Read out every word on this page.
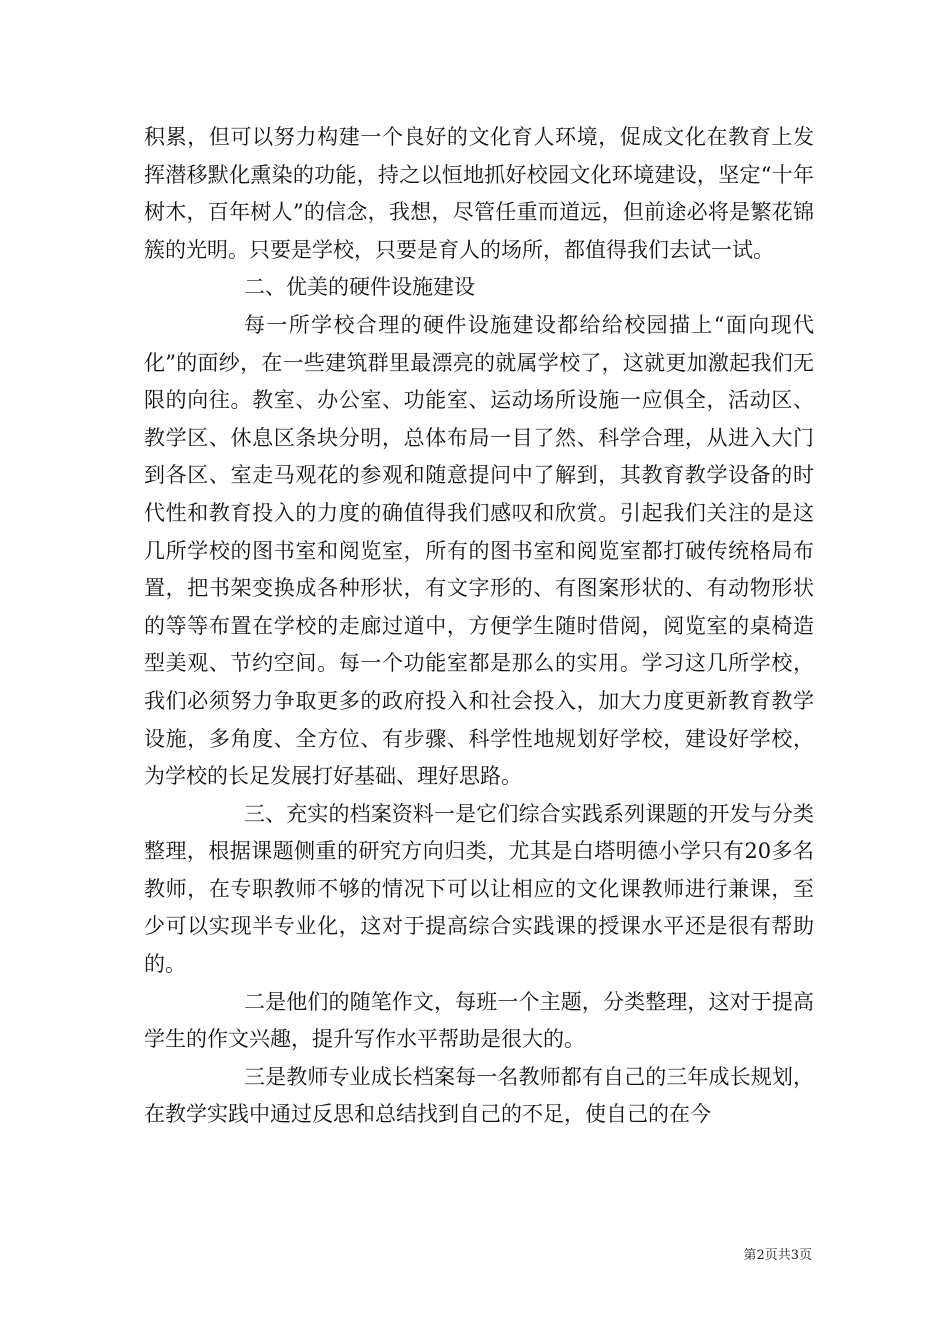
积累，但可以努力构建一个良好的文化育人环境，促成文化在教育上发挥潜移默化熏染的功能，持之以恒地抓好校园文化环境建设，坚定“十年树木，百年树人”的信念，我想，尽管任重而道远，但前途必将是繁花锦簇的光明。只要是学校，只要是育人的场所，都值得我们去试一试。

二、优美的硬件设施建设

每一所学校合理的硬件设施建设都给给校园描上“面向现代化”的面纱，在一些建筑群里最漂亮的就属学校了，这就更加激起我们无限的向往。教室、办公室、功能室、运动场所设施一应俱全，活动区、教学区、休息区条块分明，总体布局一目了然、科学合理，从进入大门到各区、室走马观花的参观和随意提问中了解到，其教育教学设备的时代性和教育投入的力度的确值得我们感叹和欣赏。引起我们关注的是这几所学校的图书室和阅览室，所有的图书室和阅览室都打破传统格局布置，把书架变换成各种形状，有文字形的、有图案形状的、有动物形状的等等布置在学校的走廊过道中，方便学生随时借阅，阅览室的桌椅造型美观、节约空间。每一个功能室都是那么的实用。学习这几所学校，我们必须努力争取更多的政府投入和社会投入，加大力度更新教育教学设施，多角度、全方位、有步骤、科学性地规划好学校，建设好学校，为学校的长足发展打好基础、理好思路。

三、充实的档案资料一是它们综合实践系列课题的开发与分类整理，根据课题侧重的研究方向归类，尤其是白塔明德小学只有20多名教师，在专职教师不够的情况下可以让相应的文化课教师进行兼课，至少可以实现半专业化，这对于提高综合实践课的授课水平还是很有帮助的。

二是他们的随笔作文，每班一个主题，分类整理，这对于提高学生的作文兴趣，提升写作水平帮助是很大的。

三是教师专业成长档案每一名教师都有自己的三年成长规划，在教学实践中通过反思和总结找到自己的不足，使自己的在今

第2页共3页
